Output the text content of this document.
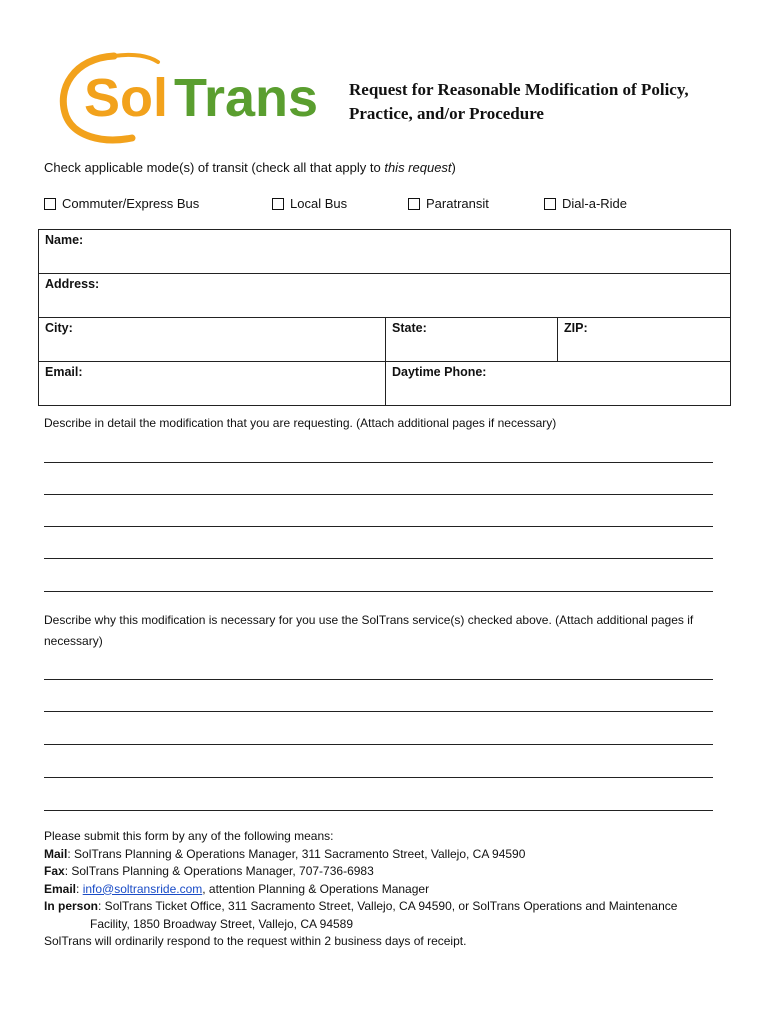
Sol Trans Request for Reasonable Modification of Policy,
Practice, and/or Procedure
Check applicable mode(s) of transit (check all that apply to this request)
Commuter/Express Bus	Local Bus	Paratransit	Dial-a-Ride
Name:		
Address:		
City:	State:	ZIP:
Email:	Daytime Phone:	
Describe in detail the modification that you are requesting. (Attach additional pages if necessary)
Describe why this modification is necessary for you use the SolTrans service(s) checked above. (Attach additional pages if necessary)
Please submit this form by any of the following means:
Mail: SolTrans Planning & Operations Manager, 311 Sacramento Street, Vallejo, CA 94590
Fax: SolTrans Planning & Operations Manager, 707-736-6983
Email: info@soltransride.com, attention Planning & Operations Manager
In person: SolTrans Ticket Office, 311 Sacramento Street, Vallejo, CA 94590, or SolTrans Operations and Maintenance
Facility, 1850 Broadway Street, Vallejo, CA 94589
SolTrans will ordinarily respond to the request within 2 business days of receipt.
